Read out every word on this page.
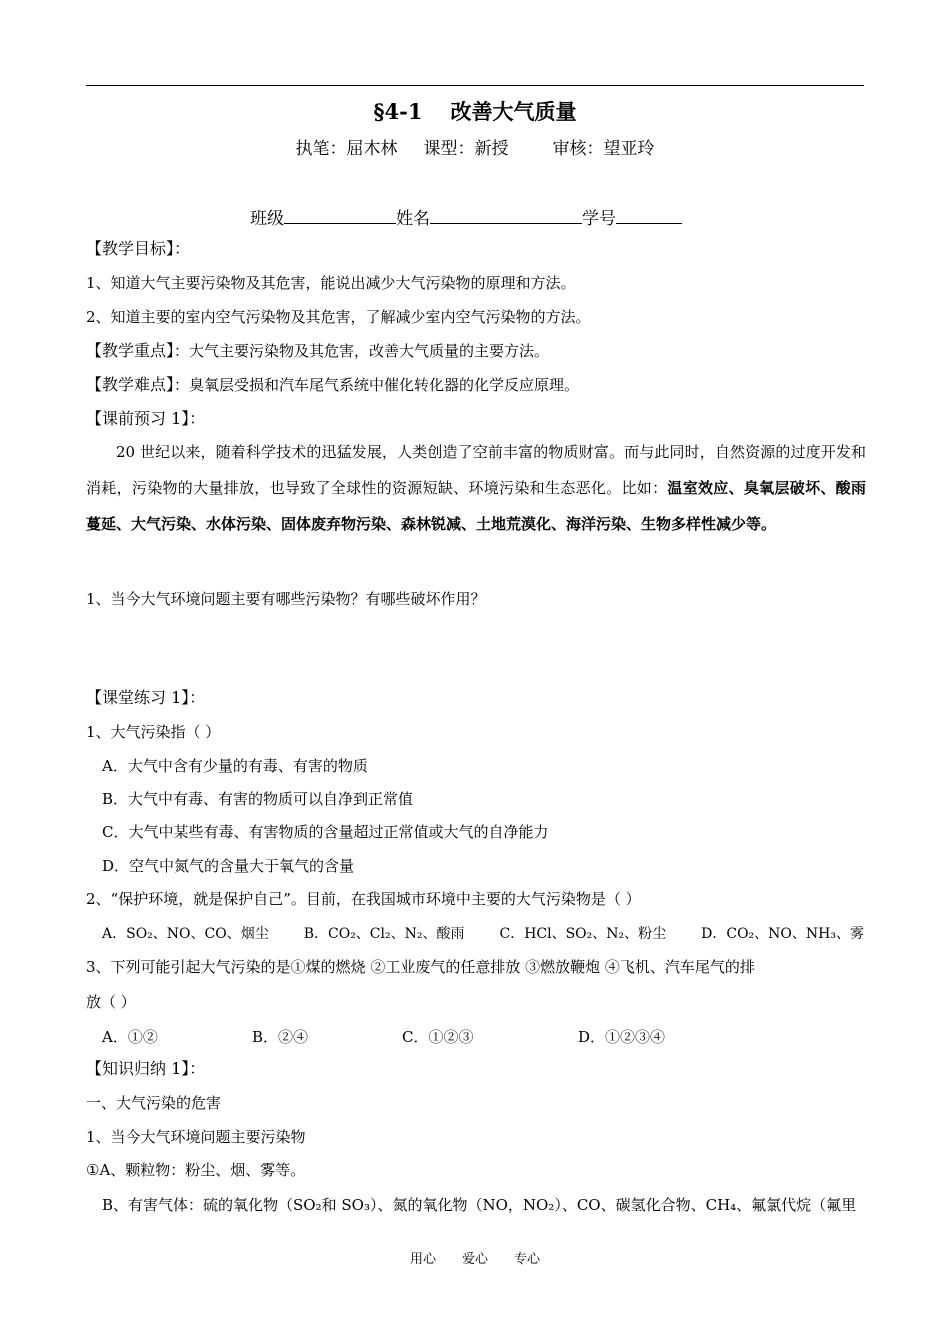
§4-1 改善大气质量
执笔：屈木林 课型：新授	审核：望亚玲
班级	姓名	学号
【教学目标】：
1、知道大气主要污染物及其危害，能说出减少大气污染物的原理和方法。
2、知道主要的室内空气污染物及其危害，了解减少室内空气污染物的方法。
【教学重点】：大气主要污染物及其危害，改善大气质量的主要方法。
【教学难点】：臭氧层受损和汽车尾气系统中催化转化器的化学反应原理。
【课前预习 1】：
20 世纪以来，随着科学技术的迅猛发展，人类创造了空前丰富的物质财富。而与此同时，自然资源的过度开发和消耗，污染物的大量排放，也导致了全球性的资源短缺、环境污染和生态恶化。比如：温室效应、臭氧层破坏、酸雨蔓延、大气污染、水体污染、固体废弃物污染、森林锐减、土地荒漠化、海洋污染、生物多样性减少等。
1、当今大气环境问题主要有哪些污染物？有哪些破坏作用？
【课堂练习 1】：
1、大气污染指（ ）
A．大气中含有少量的有毒、有害的物质
B．大气中有毒、有害的物质可以自净到正常值
C．大气中某些有毒、有害物质的含量超过正常值或大气的自净能力
D．空气中氮气的含量大于氧气的含量
2、“保护环境，就是保护自己”。目前，在我国城市环境中主要的大气污染物是（ ）
A．SO₂、NO、CO、烟尘	B．CO₂、Cl₂、N₂、酸雨	C．HCl、SO₂、N₂、粉尘	D．CO₂、NO、NH₃、雾
3、下列可能引起大气污染的是①煤的燃烧 ②工业废气的任意排放 ③燃放鞭炮 ④飞机、汽车尾气的排
放（ ）
A．①②	B．②④	C．①②③	D．①②③④
【知识归纳 1】：
一、大气污染的危害
1、当今大气环境问题主要污染物
①A、颗粒物：粉尘、烟、雾等。
B、有害气体：硫的氧化物（SO₂和 SO₃）、氮的氧化物（NO，NO₂）、CO、碳氢化合物、CH₄、氟氯代烷（氟里
用心 爱心 专心
